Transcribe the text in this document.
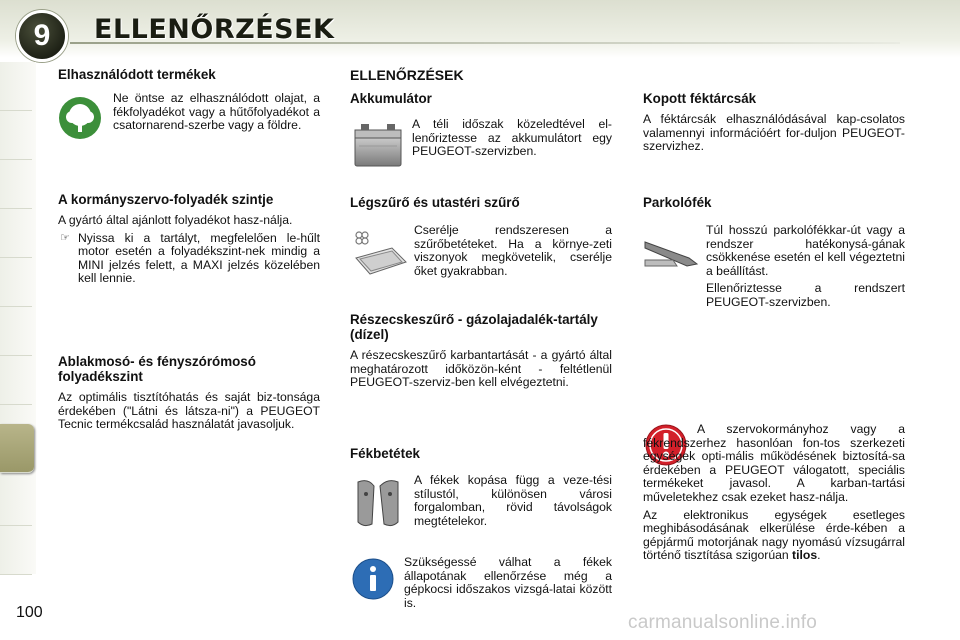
9	ELLENŐRZÉSEK
100
Elhasználódott termékek

Ne öntse az elhasználódott olajat, a fékfolyadékot vagy a hűtőfolyadékot a csatornarend-szerbe vagy a földre.

A kormányszervo-folyadék szintje

A gyártó által ajánlott folyadékot hasz-nálja.

☞ Nyissa ki a tartályt, megfelelően le-hűlt motor esetén a folyadékszint-nek mindig a MINI jelzés felett, a MAXI jelzés közelében kell lennie.
Ablakmosó- és fényszórómosó folyadékszint

Az optimális tisztítóhatás és saját biz-tonsága érdekében ("Látni és látsza-ni") a PEUGEOT Tecnic termékcsalád használatát javasoljuk.

ELLENŐRZÉSEK
Akkumulátor

A téli időszak közeledtével el-lenőriztesse az akkumulátort egy PEUGEOT-szervizben.

Légszűrő és utastéri szűrő

Cserélje rendszeresen a szűrőbetéteket. Ha a környe-zeti viszonyok megkövetelik, cserélje őket gyakrabban.

Részecskeszűrő - gázolajadalék-tartály (dízel)

A részecskeszűrő karbantartását - a gyártó által meghatározott időközön-ként - feltétlenül PEUGEOT-szerviz-ben kell elvégeztetni.

Fékbetétek

A fékek kopása függ a veze-tési stílustól, különösen városi forgalomban, rövid távolságok megtételekor.

Szükségessé válhat a fékek állapotának ellenőrzése még a gépkocsi időszakos vizsgá-latai között is.

Kopott féktárcsák

A féktárcsák elhasználódásával kap-csolatos valamennyi információért for-duljon PEUGEOT-szervizhez.

Parkolófék

Túl hosszú parkolófékkar-út vagy a rendszer hatékonysá-gának csökkenése esetén el kell végeztetni a beállítást.

Ellenőriztesse a rendszert PEUGEOT-szervizben.

A szervokormányhoz vagy a fékrendszerhez hasonlóan fon-tos szerkezeti egységek opti-mális működésének biztosítá-sa érdekében a PEUGEOT válogatott, speciális termékeket javasol. A karban-tartási műveletekhez csak ezeket hasz-nálja.

Az elektronikus egységek esetleges meghibásodásának elkerülése érde-kében a gépjármű motorjának nagy nyomású vízsugárral történő tisztítása szigorúan tilos.

carmanualsonline.info
